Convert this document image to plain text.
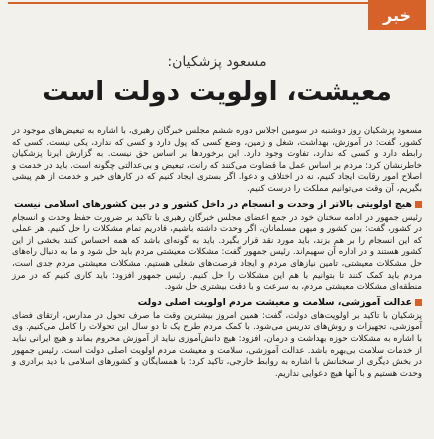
خبر
مسعود پزشکیان:
معیشت، اولویت دولت است

مسعود پزشکیان روز دوشنبه در سومین اجلاس دوره ششم مجلس خبرگان رهبری، با اشاره به تبعیض‌های موجود در کشور، گفت: در آموزش، بهداشت، شغل و زمین، وضع کسی که پول دارد و کسی که ندارد، یکی نیست. کسی که رابطه دارد و کسی که ندارد، تفاوت وجود دارد. این برخوردها بر اساس حق نیست. به گزارش ایرنا پزشکیان خاطرنشان کرد: مردم بر اساس عمل ما قضاوت می‌کنند که رانت، تبعیض و بی‌عدالتی چگونه است. باید در خدمت و اصلاح امور رقابت ایجاد کنیم، نه در اختلاف و دعوا. اگر بستری ایجاد کنیم که در کارهای خیر و خدمت از هم پیشی بگیریم، آن وقت می‌توانیم مملکت را درست کنیم.

هیچ اولویتی بالاتر از وحدت و انسجام در داخل کشور و در بین کشورهای اسلامی نیست

رئیس جمهور در ادامه سخنان خود در جمع اعضای مجلس خبرگان رهبری با تاکید بر ضرورت حفظ وحدت و انسجام در کشور، گفت: بین کشور و میهن مسلمانان، اگر وحدت داشته باشیم، قادریم تمام مشکلات را حل کنیم. هر عملی که این انسجام را بر هم بزند، باید مورد نقد قرار بگیرد. باید به گونه‌ای باشد که همه احساس کنند بخشی از این کشور هستند و در اداره آن سهیم‌اند. رئیس جمهور گفت: مشکلات معیشتی مردم باید حل شود و ما به دنبال راه‌های حل مشکلات معیشتی، تامین نیازهای مردم و ایجاد فرصت‌های شغلی هستیم. مشکلات معیشتی مردم جدی است، مردم باید کمک کنند تا بتوانیم با هم این مشکلات را حل کنیم. رئیس جمهور افزود: باید کاری کنیم که در مرز منطقه‌ای مشکلات معیشتی مردم، به سرعت و با دقت بیشتری حل شود.

عدالت آموزشی، سلامت و معیشت مردم اولویت اصلی دولت

پزشکیان با تاکید بر اولویت‌های دولت، گفت: همین امروز بیشترین وقت ما صرف تحول در مدارس، ارتقای فضای آموزشی، تجهیزات و روش‌های تدریس می‌شود. با کمک مردم طرح یک تا دو سال این تحولات را کامل می‌کنیم. وی با اشاره به مشکلات حوزه بهداشت و درمان، افزود: هیچ دانش‌آموزی نباید از آموزش محروم بماند و هیچ ایرانی نباید از خدمات سلامت بی‌بهره باشد. عدالت آموزشی، سلامت و معیشت مردم اولویت اصلی دولت است. رئیس جمهور در بخش دیگری از سخنانش با اشاره به روابط خارجی، تاکید کرد: با همسایگان و کشورهای اسلامی با دید برادری و وحدت هستیم و با آنها هیچ دعوایی نداریم.
